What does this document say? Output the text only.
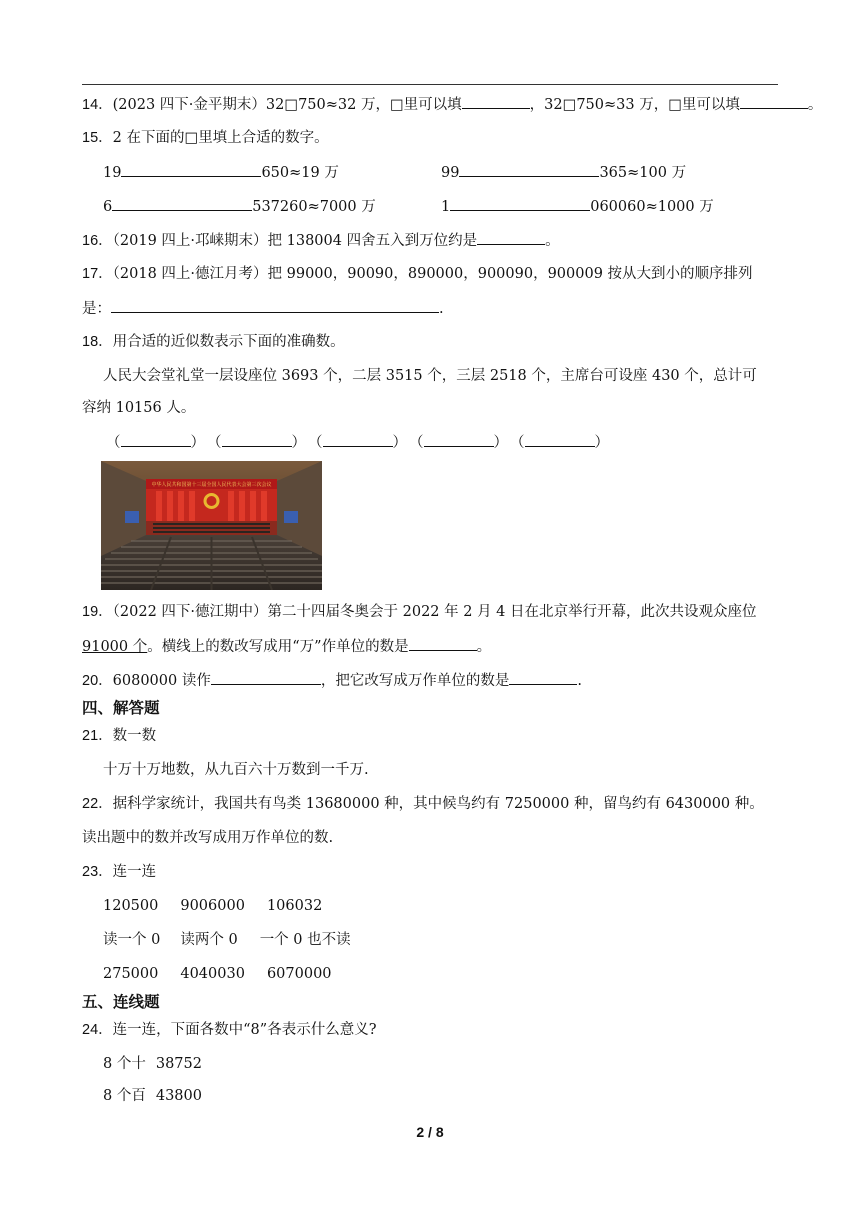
14．(2023 四下·金平期末）32□750≈32 万，□里可以填	，32□750≈33 万，□里可以填	。
15．2 在下面的□里填上合适的数字。
19	650≈19 万	99	365≈100 万
6	537260≈7000 万	1	060060≈1000 万
16．（2019 四上·邛崃期末）把 138004 四舍五入到万位约是	。
17．（2018 四上·德江月考）把 99000，90090，890000，900090，900009 按从大到小的顺序排列
是：	.
18．用合适的近似数表示下面的准确数。
人民大会堂礼堂一层设座位 3693 个，二层 3515 个，三层 2518 个，主席台可设座 430 个，总计可
容纳 10156 人。
（	） （	） （	） （	） （	）
中华人民共和国第十三届全国人民代表大会第三次会议
19．（2022 四下·德江期中）第二十四届冬奥会于 2022 年 2 月 4 日在北京举行开幕，此次共设观众座位
91000 个。横线上的数改写成用“万”作单位的数是	。
20．6080000 读作	，把它改写成万作单位的数是	.
四、解答题
21．数一数
十万十万地数，从九百六十万数到一千万.
22．据科学家统计，我国共有鸟类 13680000 种，其中候鸟约有 7250000 种，留鸟约有 6430000 种。
读出题中的数并改写成用万作单位的数.
23．连一连
120500 9006000 106032
读一个 0 读两个 0 一个 0 也不读
275000 4040030 6070000
五、连线题
24．连一连，下面各数中“8”各表示什么意义?
8 个十 38752
8 个百 43800
2 / 8
